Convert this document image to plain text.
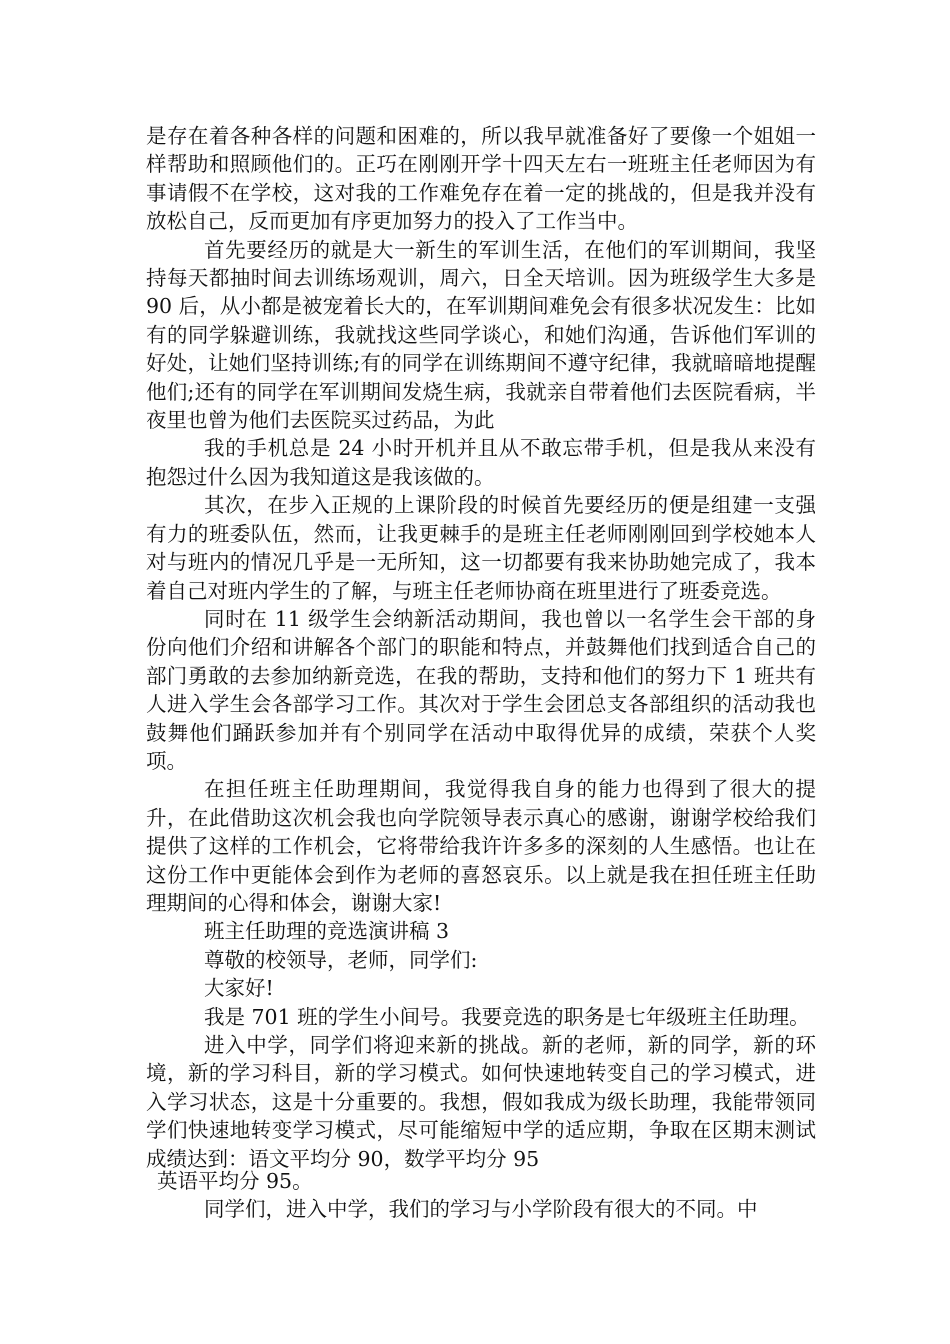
是存在着各种各样的问题和困难的，所以我早就准备好了要像一个姐姐一样帮助和照顾他们的。正巧在刚刚开学十四天左右一班班主任老师因为有事请假不在学校，这对我的工作难免存在着一定的挑战的，但是我并没有放松自己，反而更加有序更加努力的投入了工作当中。

首先要经历的就是大一新生的军训生活，在他们的军训期间，我坚持每天都抽时间去训练场观训，周六，日全天培训。因为班级学生大多是 90 后，从小都是被宠着长大的，在军训期间难免会有很多状况发生：比如有的同学躲避训练，我就找这些同学谈心，和她们沟通，告诉他们军训的好处，让她们坚持训练;有的同学在训练期间不遵守纪律，我就暗暗地提醒他们;还有的同学在军训期间发烧生病，我就亲自带着他们去医院看病，半夜里也曾为他们去医院买过药品，为此

我的手机总是 24 小时开机并且从不敢忘带手机，但是我从来没有抱怨过什么因为我知道这是我该做的。

其次，在步入正规的上课阶段的时候首先要经历的便是组建一支强有力的班委队伍，然而，让我更棘手的是班主任老师刚刚回到学校她本人对与班内的情况几乎是一无所知，这一切都要有我来协助她完成了，我本着自己对班内学生的了解，与班主任老师协商在班里进行了班委竞选。

同时在 11 级学生会纳新活动期间，我也曾以一名学生会干部的身份向他们介绍和讲解各个部门的职能和特点，并鼓舞他们找到适合自己的部门勇敢的去参加纳新竞选，在我的帮助，支持和他们的努力下 1 班共有人进入学生会各部学习工作。其次对于学生会团总支各部组织的活动我也鼓舞他们踊跃参加并有个别同学在活动中取得优异的成绩，荣获个人奖项。

在担任班主任助理期间，我觉得我自身的能力也得到了很大的提升，在此借助这次机会我也向学院领导表示真心的感谢，谢谢学校给我们提供了这样的工作机会，它将带给我许许多多的深刻的人生感悟。也让在这份工作中更能体会到作为老师的喜怒哀乐。以上就是我在担任班主任助理期间的心得和体会，谢谢大家!

班主任助理的竞选演讲稿 3

尊敬的校领导，老师，同学们:

大家好!

我是 701 班的学生小间号。我要竞选的职务是七年级班主任助理。

进入中学，同学们将迎来新的挑战。新的老师，新的同学，新的环境，新的学习科目，新的学习模式。如何快速地转变自己的学习模式，进入学习状态，这是十分重要的。我想，假如我成为级长助理，我能带领同学们快速地转变学习模式，尽可能缩短中学的适应期，争取在区期末测试成绩达到：语文平均分 90，数学平均分 95

英语平均分 95。

同学们，进入中学，我们的学习与小学阶段有很大的不同。中
